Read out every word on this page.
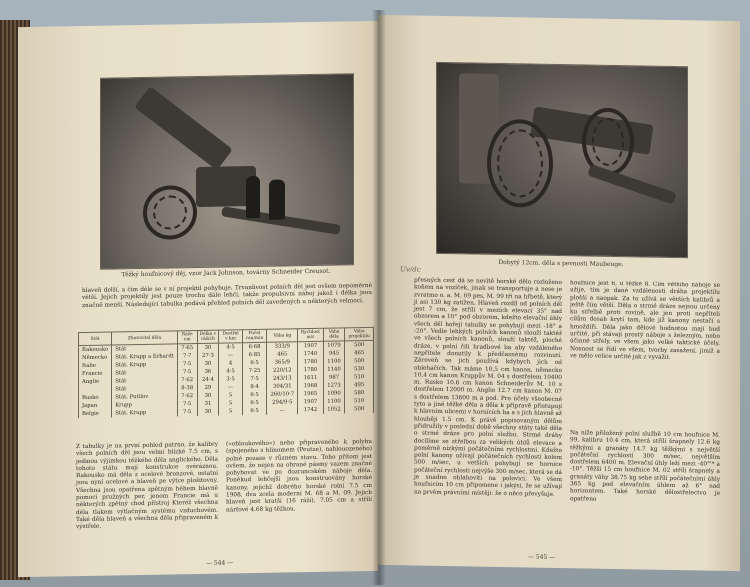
Těžký houfnicový děj, vzor Jack Johnson, továrny Schneider Creusot.
hlaveň delší, a čím déle se v ní projektil pohybuje. Trvanlivost polních děl jest ovšem nepoměrně větší. Jejich projektily jest pouze trochu dále lehčí, takže propulsivní náboj jakož i délka jsou značně menší. Následující tabulka podává přehled polních děl zavedených u některých velmocí.
Stát	Zhotovitel děla	Ráže cm	Délka v rážích	Dostřel v km	Počet ran/min	Váha kg	Rychlost m/s	Váha děla	Váha projektilu
Rakousko	Stát	7·65	30	4·5	6·68	333/9	1907	1079	500
Německo	Stát, Krupp a Erhardt	7·7	27·3	—	6·85	465	1740	945	465
Italie	Stát, Krupp	7·5	30	4	6·5	365/9	1780	1100	500
Francie	Stát	7·5	36	4·5	7·25	220/12	1780	1140	530
Anglie	Stát	7·62	24·4	3·5	7·5	243/13	1611	987	510
	Stát	8·38	29	—	8·4	304/31	1968	1273	495
Rusko	Stát, Putilov	7·62	30	5	6·5	260/10·7	1965	1090	580
Japan	Krupp	7·5	31	5	6·5	294/9·5	1907	1100	510
Belgie	Stát, Krupp	7·5	30	5	6·5	—	1742	1052	500
Z tabulky je na první pohled patrno, že kalibry všech polních děl jsou velmi blízké 7.5 cm, s jedinou výjimkou těžkého děla anglického. Děla tohoto státu mají konstrukce svéráznou. Rakousko má děla z ocelové bronzové, ostatní jsou nyní ocelové a hlaveň pe výtce plošitovny. Všechna jsou opatřena zpětným během hlavně pomocí pružných per, jenom Francie má u některých zpětný chod přístroj Kteréž všechna děla tlakem výtlačným systému vzduchovém. Také děla hlaveň a všechna děla připraveném k výstřele.
(»obloukového«) nebo připraveného k polybu (spojeného s hlinomem (Peutze), nahlouozeného) polně pozase v různém stavu. Toho přitom jest ovšem, že nejen na obrané pásmy vazem značné pohybovat ve po dozrancském náboje děla. Poněkud lehčejší jsou konstruovány horské kanony, jejichž dobrého horské rolní 7.5 cm 1908, dva zcela moderní M. 68 a M. 09. Jejich hlaveň jest kratší (16 ráží), 7.05 cm a střílí nárťové 4.68 kg těžkou.
— 544 —
Dobytý 12cm. děla s pevnosti Maubeuge.
Uv/dc
přesných cest dá se nevítě horské dělo rozloženo koňem na vozíček, jinak se transportuje a nese je zvratmo o. a. M. 09 pes, M. 99 tři na hřbetě, který ji asi 130 kg zatížen. Hlaveň rozdíl od polních děl jest 7 cm, že střílí v mezích elevací 35° nad obzorem a 10° pod obzorem, kdežto elevační úhly všech děl hořejí tabulky se pohybují mezi -18° a -20°. Vedle lehkých polních kanonů slouží taktéž ve všech polních kanonů, slouží taktéž, ploché dráze, v polní čili hradbové ba aby vzdáleného nepřítele donutily k předčasnému rozvinutí. Zároveň se jich používá kdybych jich od oblehačích. Tak máme 10,5 cm kanon, německo 10,4 cm kanon Kruppův M. 04 s dostřelem 10400 m. Rusko 10.6 cm kanon Schneiderův M. 10 s dostřelem 12000 m. Anglie 12.7 cm kanon M. 07 s dostřelem 13600 m a pod. Pro účely všeobecné tyto a jiné těžké děla a děla k přípravě přistupují k hlavním ulicemi v hornících ba a s jich hlavně až hlouběji 1.5 cm. K právě popisovaným dělům přidružily v poslední době všechny státy také děla o strmé dráze pro polní službu. Strmé dráhy docílíme se střelbou za velikých úhlů elevace a poměrně nízkými počátečními rychlostmi. Kdežto polní kanony užívají počátečních rychlostí kolem 500 m/sec, u vetších pohybují se hornice počáteční rychlosti nejvýše 300 m/sec, která se dá je snadno oblahoviti na polovici. Ve všem houfnicím 10 cm připomene i jakýsi, že se užívají na prvém právními místěji: že o něco převyšuje.
houfnice jest 6, u těžké 8. Čím většího náboje se užije, tím je dané vzdálenosti dráha projektilu plošší a naopak. Za to užívá se větších kalibrů a ještě čím větší. Děla o strmé dráze nejsou určeny ku střelbě proti rovině, ale jen proti nepříteli cílům dosah krytí tam, kde již kanony nestačí s hmoždíři. Děla jako dělové hodnotou mají buď určité, při stávají prostý náboje s železným, nebo účinné střely, ve všem jako velké taktické účely. Nosnost se řídí ve všem, tvorby zasažení, jimiž a ve mělo velice určité jak z vyvážit.
Na níže přiložený polní službě 10 cm houfnice M. 99, kalibru 10.4 cm, která střílí šrapnely 12.6 kg těžkými a granáty 14.7 kg těžkými s největší počáteční rychlostí 300 m/sec, největším dostřelem 6400 m. Elevační úhly leží mezi -40°'* a -10°. Těžší 15 cm houfnice M. 02 střílí šrapnely a granáty váhy 38.75 kg sebe střílí počátečními úhly 365 kg pod elevačním úhlem až 6° nad horizontem. Také horské dělostřelectvo je opatřeno
— 545 —
